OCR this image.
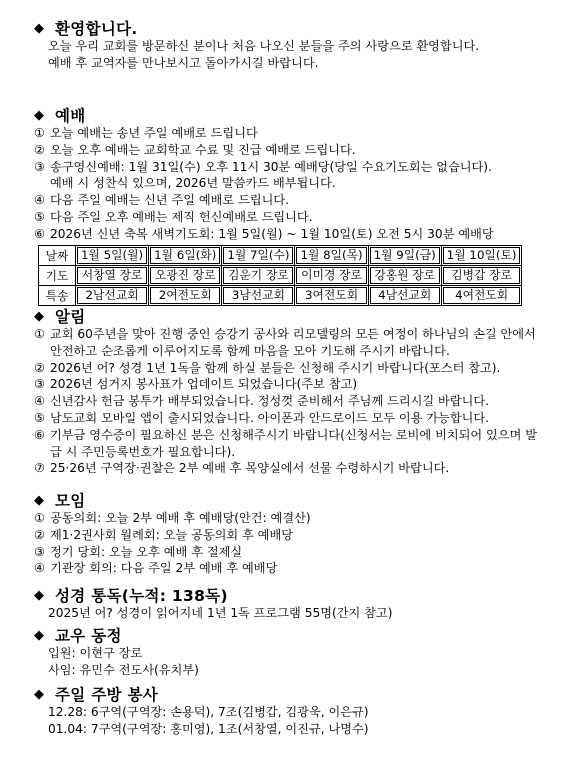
◆ 환영합니다.
오늘 우리 교회를 방문하신 분이나 처음 나오신 분들을 주의 사랑으로 환영합니다.
예배 후 교역자를 만나보시고 돌아가시길 바랍니다.
◆ 예배
① 오늘 예배는 송년 주일 예배로 드립니다
② 오늘 오후 예배는 교회학교 수료 및 진급 예배로 드립니다.
③ 송구영신예배: 1월 31일(수) 오후 11시 30분 예배당(당일 수요기도회는 없습니다).
예배 시 성찬식 있으며, 2026년 말씀카드 배부됩니다.
④ 다음 주일 예배는 신년 주일 예배로 드립니다.
⑤ 다음 주일 오후 예배는 제직 헌신예배로 드립니다.
⑥ 2026년 신년 축복 새벽기도회: 1월 5일(월) ~ 1월 10일(토) 오전 5시 30분 예배당
날짜	1월 5일(월)	1월 6일(화)	1월 7일(수)	1월 8일(목)	1월 9일(금)	1월 10일(토)

기도	서창열 장로	오광진 장로	김운기 장로	이미경 장로	강홍원 장로	김병갑 장로

특송	2남선교회	2여전도회	3남선교회	3여전도회	4남선교회	4여전도회
◆ 알림
① 교회 60주년을 맞아 진행 중인 승강기 공사와 리모델링의 모든 여정이 하나님의 손길 안에서 안전하고 순조롭게 이루어지도록 함께 마음을 모아 기도해 주시기 바랍니다.
② 2026년 어? 성경 1년 1독을 함께 하실 분들은 신청해 주시기 바랍니다(포스터 참고).
③ 2026년 섬거지 봉사표가 업데이트 되었습니다(주보 참고)
④ 신년감사 헌금 봉투가 배부되었습니다. 정성껏 준비해서 주님께 드리시길 바랍니다.
⑤ 남도교회 모바일 앱이 출시되었습니다. 아이폰과 안드로이드 모두 이용 가능합니다.
⑥ 기부금 영수증이 필요하신 분은 신청해주시기 바랍니다(신청서는 로비에 비치되어 있으며 발급 시 주민등록번호가 필요합니다).
⑦ 25·26년 구역장·권찰은 2부 예배 후 목양실에서 선물 수령하시기 바랍니다.
◆ 모임
① 공동의회: 오늘 2부 예배 후 예배당(안건: 예결산)
② 제1·2권사회 월례회: 오늘 공동의회 후 예배당
③ 정기 당회: 오늘 오후 예배 후 절제실
④ 기관장 회의: 다음 주일 2부 예배 후 예배당
◆ 성경 통독(누적: 138독)
2025년 어? 성경이 읽어지네 1년 1독 프로그램 55명(간지 참고)
◆ 교우 동정
입원: 이현구 장로
사임: 유민수 전도사(유치부)
◆ 주일 주방 봉사
12.28: 6구역(구역장: 손용덕), 7조(김병갑, 김광욱, 이은규)
01.04: 7구역(구역장: 홍미영), 1조(서창열, 이진규, 나명수)
